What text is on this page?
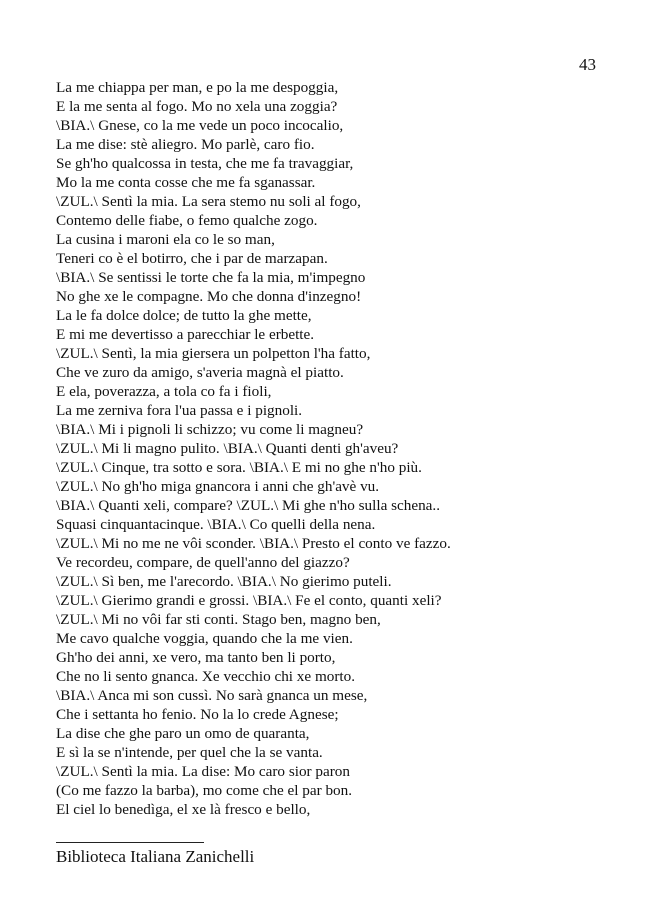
43
La me chiappa per man, e po la me despoggia,
E la me senta al fogo. Mo no xela una zoggia?
\BIA.\ Gnese, co la me vede un poco incocalio,
La me dise: stè aliegro. Mo parlè, caro fio.
Se gh'ho qualcossa in testa, che me fa travaggiar,
Mo la me conta cosse che me fa sganassar.
\ZUL.\ Sentì la mia. La sera stemo nu soli al fogo,
Contemo delle fiabe, o femo qualche zogo.
La cusina i maroni ela co le so man,
Teneri co è el botirro, che i par de marzapan.
\BIA.\ Se sentissi le torte che fa la mia, m'impegno
No ghe xe le compagne. Mo che donna d'inzegno!
La le fa dolce dolce; de tutto la ghe mette,
E mi me devertisso a parecchiar le erbette.
\ZUL.\ Sentì, la mia giersera un polpetton l'ha fatto,
Che ve zuro da amigo, s'averia magnà el piatto.
E ela, poverazza, a tola co fa i fioli,
La me zerniva fora l'ua passa e i pignoli.
\BIA.\ Mi i pignoli li schizzo; vu come li magneu?
\ZUL.\ Mi li magno pulito. \BIA.\ Quanti denti gh'aveu?
\ZUL.\ Cinque, tra sotto e sora. \BIA.\ E mi no ghe n'ho più.
\ZUL.\ No gh'ho miga gnancora i anni che gh'avè vu.
\BIA.\ Quanti xeli, compare? \ZUL.\ Mi ghe n'ho sulla schena..
Squasi cinquantacinque. \BIA.\ Co quelli della nena.
\ZUL.\ Mi no me ne vôi sconder. \BIA.\ Presto el conto ve fazzo.
Ve recordeu, compare, de quell'anno del giazzo?
\ZUL.\ Sì ben, me l'arecordo. \BIA.\ No gierimo puteli.
\ZUL.\ Gierimo grandi e grossi. \BIA.\ Fe el conto, quanti xeli?
\ZUL.\ Mi no vôi far sti conti. Stago ben, magno ben,
Me cavo qualche voggia, quando che la me vien.
Gh'ho dei anni, xe vero, ma tanto ben li porto,
Che no li sento gnanca. Xe vecchio chi xe morto.
\BIA.\ Anca mi son cussì. No sarà gnanca un mese,
Che i settanta ho fenio. No la lo crede Agnese;
La dise che ghe paro un omo de quaranta,
E sì la se n'intende, per quel che la se vanta.
\ZUL.\ Sentì la mia. La dise: Mo caro sior paron
(Co me fazzo la barba), mo come che el par bon.
El ciel lo benedìga, el xe là fresco e bello,
Biblioteca Italiana Zanichelli
